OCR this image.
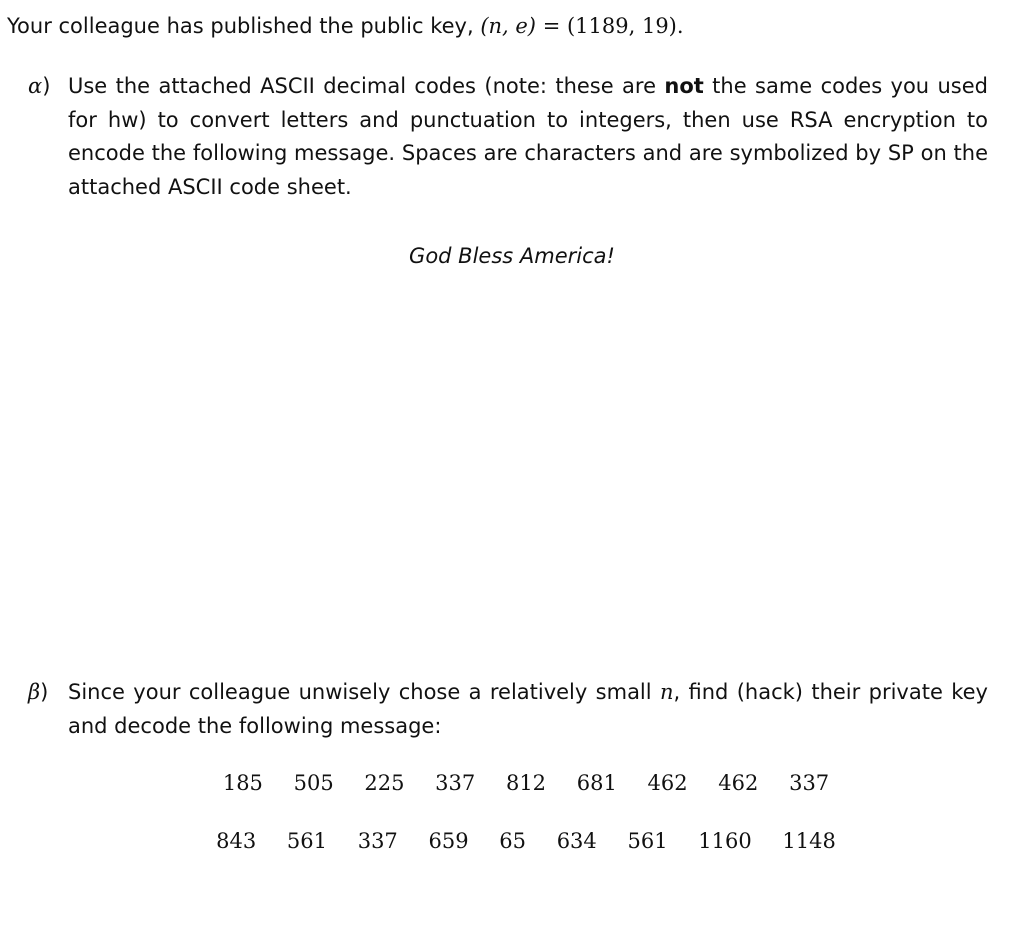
Your colleague has published the public key, (n, e) = (1189, 19).
α) Use the attached ASCII decimal codes (note: these are not the same codes you used for hw) to convert letters and punctuation to integers, then use RSA encryption to encode the following message. Spaces are characters and are symbolized by SP on the attached ASCII code sheet.

God Bless America!
β) Since your colleague unwisely chose a relatively small n, find (hack) their private key and decode the following message:

185 505 225 337 812 681 462 462 337
843 561 337 659 65 634 561 1160 1148
